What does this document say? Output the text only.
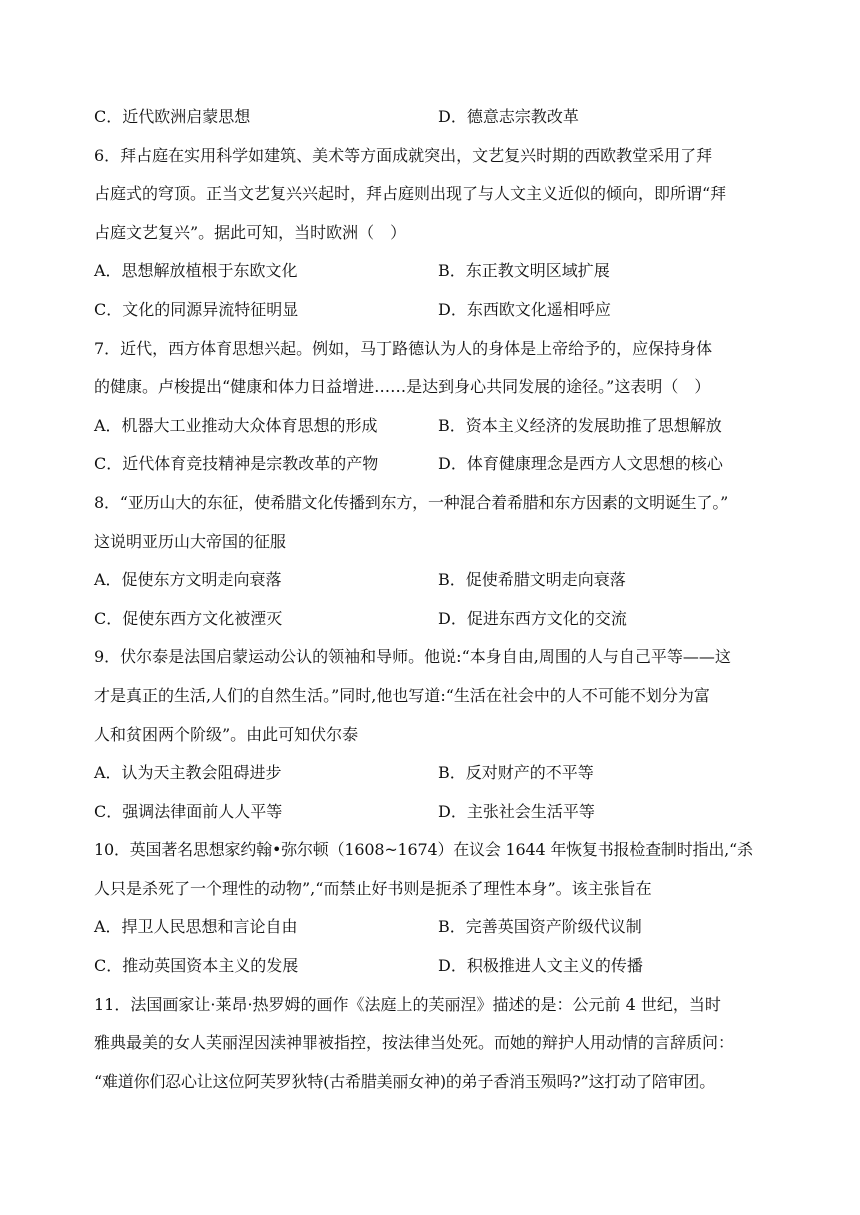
C．近代欧洲启蒙思想	D．德意志宗教改革
6．拜占庭在实用科学如建筑、美术等方面成就突出，文艺复兴时期的西欧教堂采用了拜
占庭式的穹顶。正当文艺复兴兴起时，拜占庭则出现了与人文主义近似的倾向，即所谓“拜
占庭文艺复兴”。据此可知，当时欧洲（　）
A．思想解放植根于东欧文化	B．东正教文明区域扩展
C．文化的同源异流特征明显	D．东西欧文化遥相呼应
7．近代，西方体育思想兴起。例如，马丁路德认为人的身体是上帝给予的，应保持身体
的健康。卢梭提出“健康和体力日益增进……是达到身心共同发展的途径。”这表明（　）
A．机器大工业推动大众体育思想的形成	B．资本主义经济的发展助推了思想解放
C．近代体育竞技精神是宗教改革的产物	D．体育健康理念是西方人文思想的核心
8．“亚历山大的东征，使希腊文化传播到东方，一种混合着希腊和东方因素的文明诞生了。”
这说明亚历山大帝国的征服
A．促使东方文明走向衰落	B．促使希腊文明走向衰落
C．促使东西方文化被湮灭	D．促进东西方文化的交流
9．伏尔泰是法国启蒙运动公认的领袖和导师。他说:“本身自由,周围的人与自己平等——这
才是真正的生活,人们的自然生活。”同时,他也写道:“生活在社会中的人不可能不划分为富
人和贫困两个阶级”。由此可知伏尔泰
A．认为天主教会阻碍进步	B．反对财产的不平等
C．强调法律面前人人平等	D．主张社会生活平等
10．英国著名思想家约翰•弥尔顿（1608~1674）在议会 1644 年恢复书报检查制时指出,“杀
人只是杀死了一个理性的动物”,“而禁止好书则是扼杀了理性本身”。该主张旨在
A．捍卫人民思想和言论自由	B．完善英国资产阶级代议制
C．推动英国资本主义的发展	D．积极推进人文主义的传播
11．法国画家让·莱昂·热罗姆的画作《法庭上的芙丽涅》描述的是：公元前 4 世纪，当时
雅典最美的女人芙丽涅因渎神罪被指控，按法律当处死。而她的辩护人用动情的言辞质问：
“难道你们忍心让这位阿芙罗狄特(古希腊美丽女神)的弟子香消玉殒吗?”这打动了陪审团。
